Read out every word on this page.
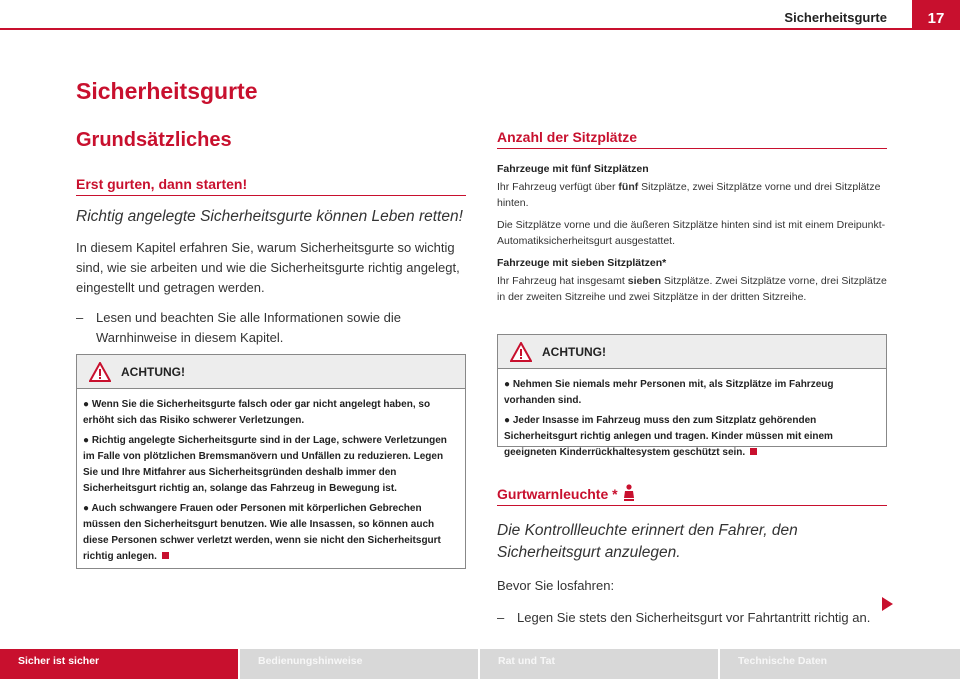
Sicherheitsgurte	17
Sicherheitsgurte
Grundsätzliches
Erst gurten, dann starten!
Richtig angelegte Sicherheitsgurte können Leben retten!
In diesem Kapitel erfahren Sie, warum Sicherheitsgurte so wichtig sind, wie sie arbeiten und wie die Sicherheitsgurte richtig angelegt, eingestellt und getragen werden.
– Lesen und beachten Sie alle Informationen sowie die Warnhinweise in diesem Kapitel.
ACHTUNG!
● Wenn Sie die Sicherheitsgurte falsch oder gar nicht angelegt haben, so erhöht sich das Risiko schwerer Verletzungen.
● Richtig angelegte Sicherheitsgurte sind in der Lage, schwere Verletzungen im Falle von plötzlichen Bremsmanövern und Unfällen zu reduzieren. Legen Sie und Ihre Mitfahrer aus Sicherheitsgründen deshalb immer den Sicherheitsgurt richtig an, solange das Fahrzeug in Bewegung ist.
● Auch schwangere Frauen oder Personen mit körperlichen Gebrechen müssen den Sicherheitsgurt benutzen. Wie alle Insassen, so können auch diese Personen schwer verletzt werden, wenn sie nicht den Sicherheitsgurt richtig anlegen.
Anzahl der Sitzplätze
Fahrzeuge mit fünf Sitzplätzen
Ihr Fahrzeug verfügt über fünf Sitzplätze, zwei Sitzplätze vorne und drei Sitzplätze hinten.
Die Sitzplätze vorne und die äußeren Sitzplätze hinten sind ist mit einem Dreipunkt-Automatiksicherheitsgurt ausgestattet.
Fahrzeuge mit sieben Sitzplätzen*
Ihr Fahrzeug hat insgesamt sieben Sitzplätze. Zwei Sitzplätze vorne, drei Sitzplätze in der zweiten Sitzreihe und zwei Sitzplätze in der dritten Sitzreihe.
ACHTUNG!
● Nehmen Sie niemals mehr Personen mit, als Sitzplätze im Fahrzeug vorhanden sind.
● Jeder Insasse im Fahrzeug muss den zum Sitzplatz gehörenden Sicherheitsgurt richtig anlegen und tragen. Kinder müssen mit einem geeigneten Kinderrückhaltesystem geschützt sein.
Gurtwarnleuchte *
Die Kontrollleuchte erinnert den Fahrer, den Sicherheitsgurt anzulegen.
Bevor Sie losfahren:
– Legen Sie stets den Sicherheitsgurt vor Fahrtantritt richtig an.
Sicher ist sicher	Bedienungshinweise	Rat und Tat	Technische Daten
